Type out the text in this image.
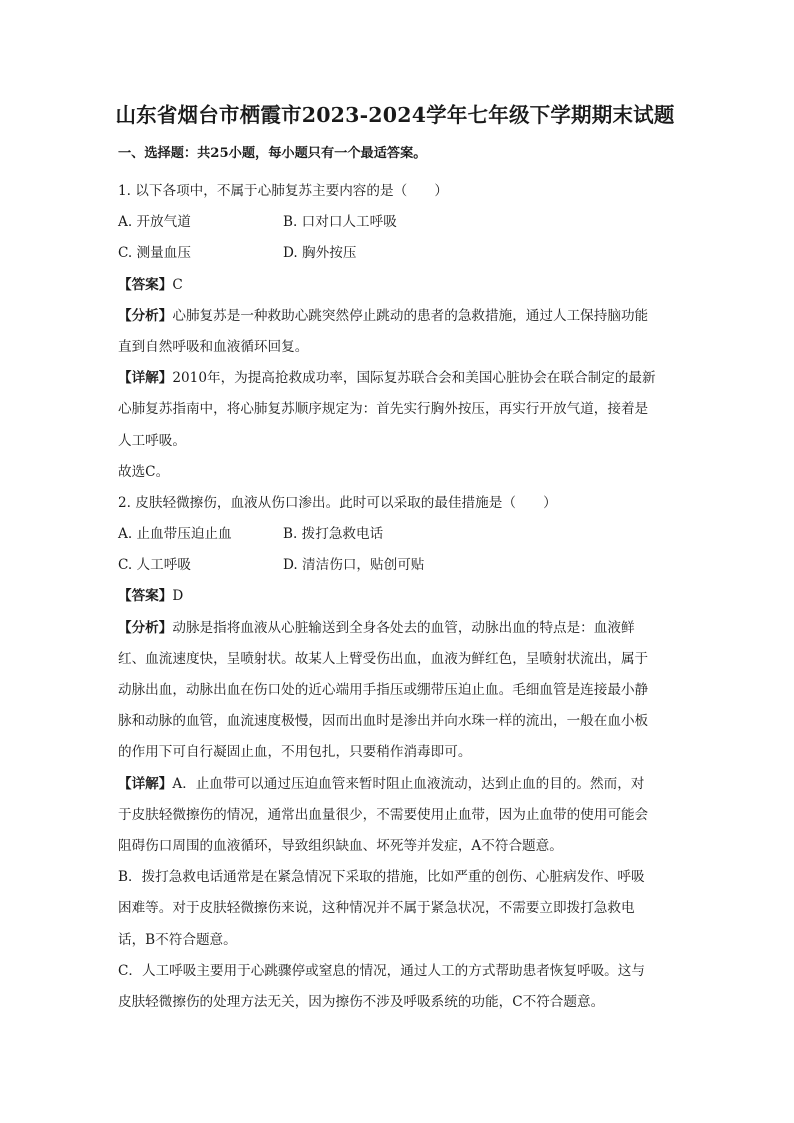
山东省烟台市栖霞市2023-2024学年七年级下学期期末试题
一、选择题：共25小题，每小题只有一个最适答案。
1. 以下各项中，不属于心肺复苏主要内容的是（　　）
A. 开放气道	B. 口对口人工呼吸
C. 测量血压	D. 胸外按压
【答案】C
【分析】心肺复苏是一种救助心跳突然停止跳动的患者的急救措施，通过人工保持脑功能
直到自然呼吸和血液循环回复。
【详解】2010年，为提高抢救成功率，国际复苏联合会和美国心脏协会在联合制定的最新
心肺复苏指南中，将心肺复苏顺序规定为：首先实行胸外按压，再实行开放气道，接着是
人工呼吸。
故选C。
2. 皮肤轻微擦伤，血液从伤口渗出。此时可以采取的最佳措施是（　　）
A. 止血带压迫止血	B. 拨打急救电话
C. 人工呼吸	D. 清洁伤口，贴创可贴
【答案】D
【分析】动脉是指将血液从心脏输送到全身各处去的血管，动脉出血的特点是：血液鲜
红、血流速度快，呈喷射状。故某人上臂受伤出血，血液为鲜红色，呈喷射状流出，属于
动脉出血，动脉出血在伤口处的近心端用手指压或绷带压迫止血。毛细血管是连接最小静
脉和动脉的血管，血流速度极慢，因而出血时是渗出并向水珠一样的流出，一般在血小板
的作用下可自行凝固止血，不用包扎，只要稍作消毒即可。
【详解】A．止血带可以通过压迫血管来暂时阻止血液流动，达到止血的目的。然而，对
于皮肤轻微擦伤的情况，通常出血量很少，不需要使用止血带，因为止血带的使用可能会
阻碍伤口周围的血液循环，导致组织缺血、坏死等并发症，A不符合题意。
B．拨打急救电话通常是在紧急情况下采取的措施，比如严重的创伤、心脏病发作、呼吸
困难等。对于皮肤轻微擦伤来说，这种情况并不属于紧急状况，不需要立即拨打急救电
话，B不符合题意。
C．人工呼吸主要用于心跳骤停或窒息的情况，通过人工的方式帮助患者恢复呼吸。这与
皮肤轻微擦伤的处理方法无关，因为擦伤不涉及呼吸系统的功能，C不符合题意。
